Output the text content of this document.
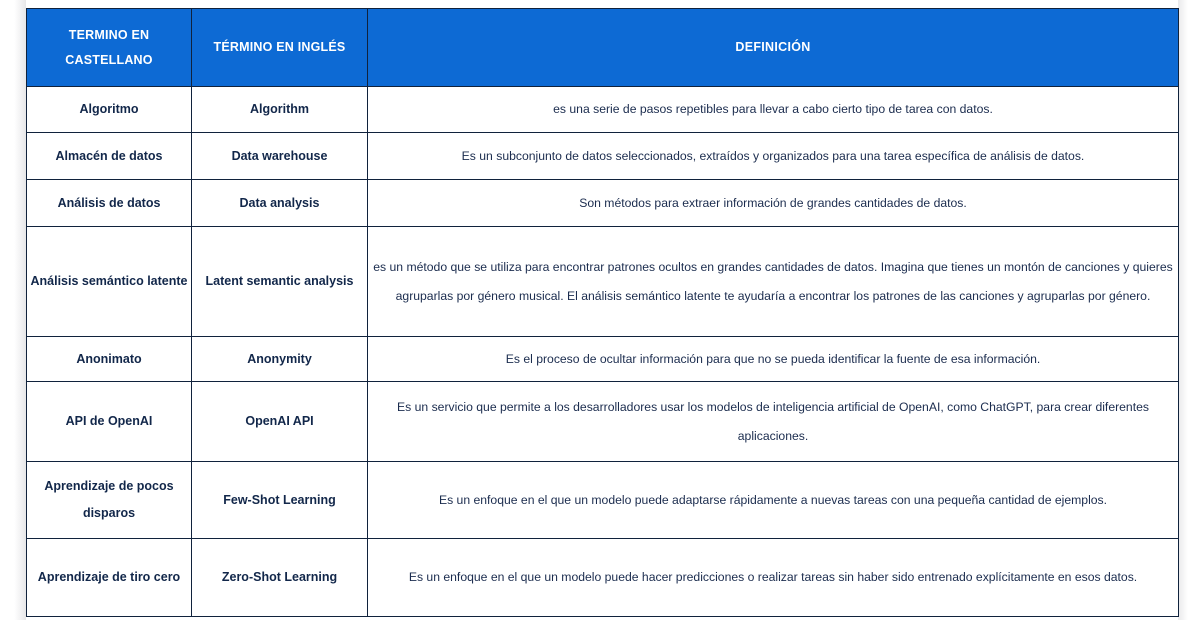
TERMINO EN CASTELLANO	TÉRMINO EN INGLÉS	DEFINICIÓN
Algoritmo	Algorithm	es una serie de pasos repetibles para llevar a cabo cierto tipo de tarea con datos.
Almacén de datos	Data warehouse	Es un subconjunto de datos seleccionados, extraídos y organizados para una tarea específica de análisis de datos.
Análisis de datos	Data analysis	Son métodos para extraer información de grandes cantidades de datos.
Análisis semántico latente	Latent semantic analysis	es un método que se utiliza para encontrar patrones ocultos en grandes cantidades de datos. Imagina que tienes un montón de canciones y quieres agruparlas por género musical. El análisis semántico latente te ayudaría a encontrar los patrones de las canciones y agruparlas por género.
Anonimato	Anonymity	Es el proceso de ocultar información para que no se pueda identificar la fuente de esa información.
API de OpenAI	OpenAI API	Es un servicio que permite a los desarrolladores usar los modelos de inteligencia artificial de OpenAI, como ChatGPT, para crear diferentes aplicaciones.
Aprendizaje de pocos disparos	Few-Shot Learning	Es un enfoque en el que un modelo puede adaptarse rápidamente a nuevas tareas con una pequeña cantidad de ejemplos.
Aprendizaje de tiro cero	Zero-Shot Learning	Es un enfoque en el que un modelo puede hacer predicciones o realizar tareas sin haber sido entrenado explícitamente en esos datos.
